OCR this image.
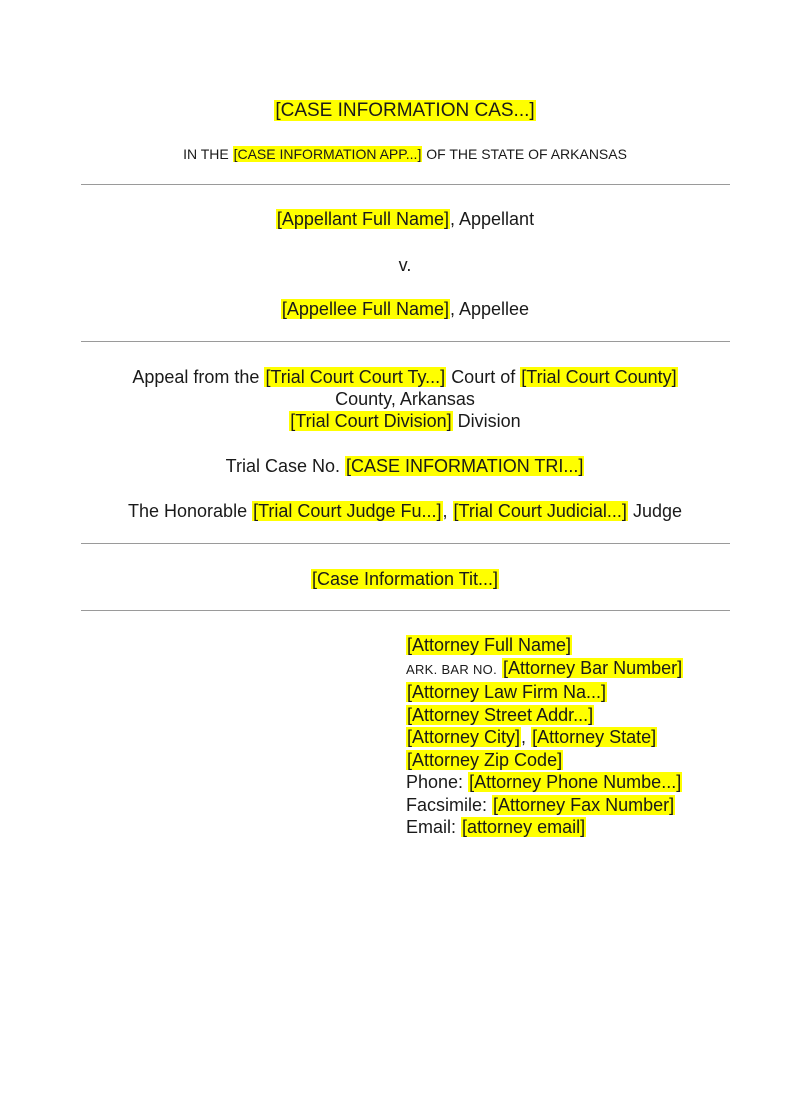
[CASE INFORMATION CAS...]
IN THE [CASE INFORMATION APP...] OF THE STATE OF ARKANSAS
[Appellant Full Name], Appellant
v.
[Appellee Full Name], Appellee
Appeal from the [Trial Court Court Ty...] Court of [Trial Court County]
County, Arkansas
[Trial Court Division] Division
Trial Case No. [CASE INFORMATION TRI...]
The Honorable [Trial Court Judge Fu...], [Trial Court Judicial...] Judge
[Case Information Tit...]
[Attorney Full Name]
ARK. BAR NO. [Attorney Bar Number]
[Attorney Law Firm Na...]
[Attorney Street Addr...]
[Attorney City], [Attorney State]
[Attorney Zip Code]
Phone: [Attorney Phone Numbe...]
Facsimile: [Attorney Fax Number]
Email: [attorney email]
